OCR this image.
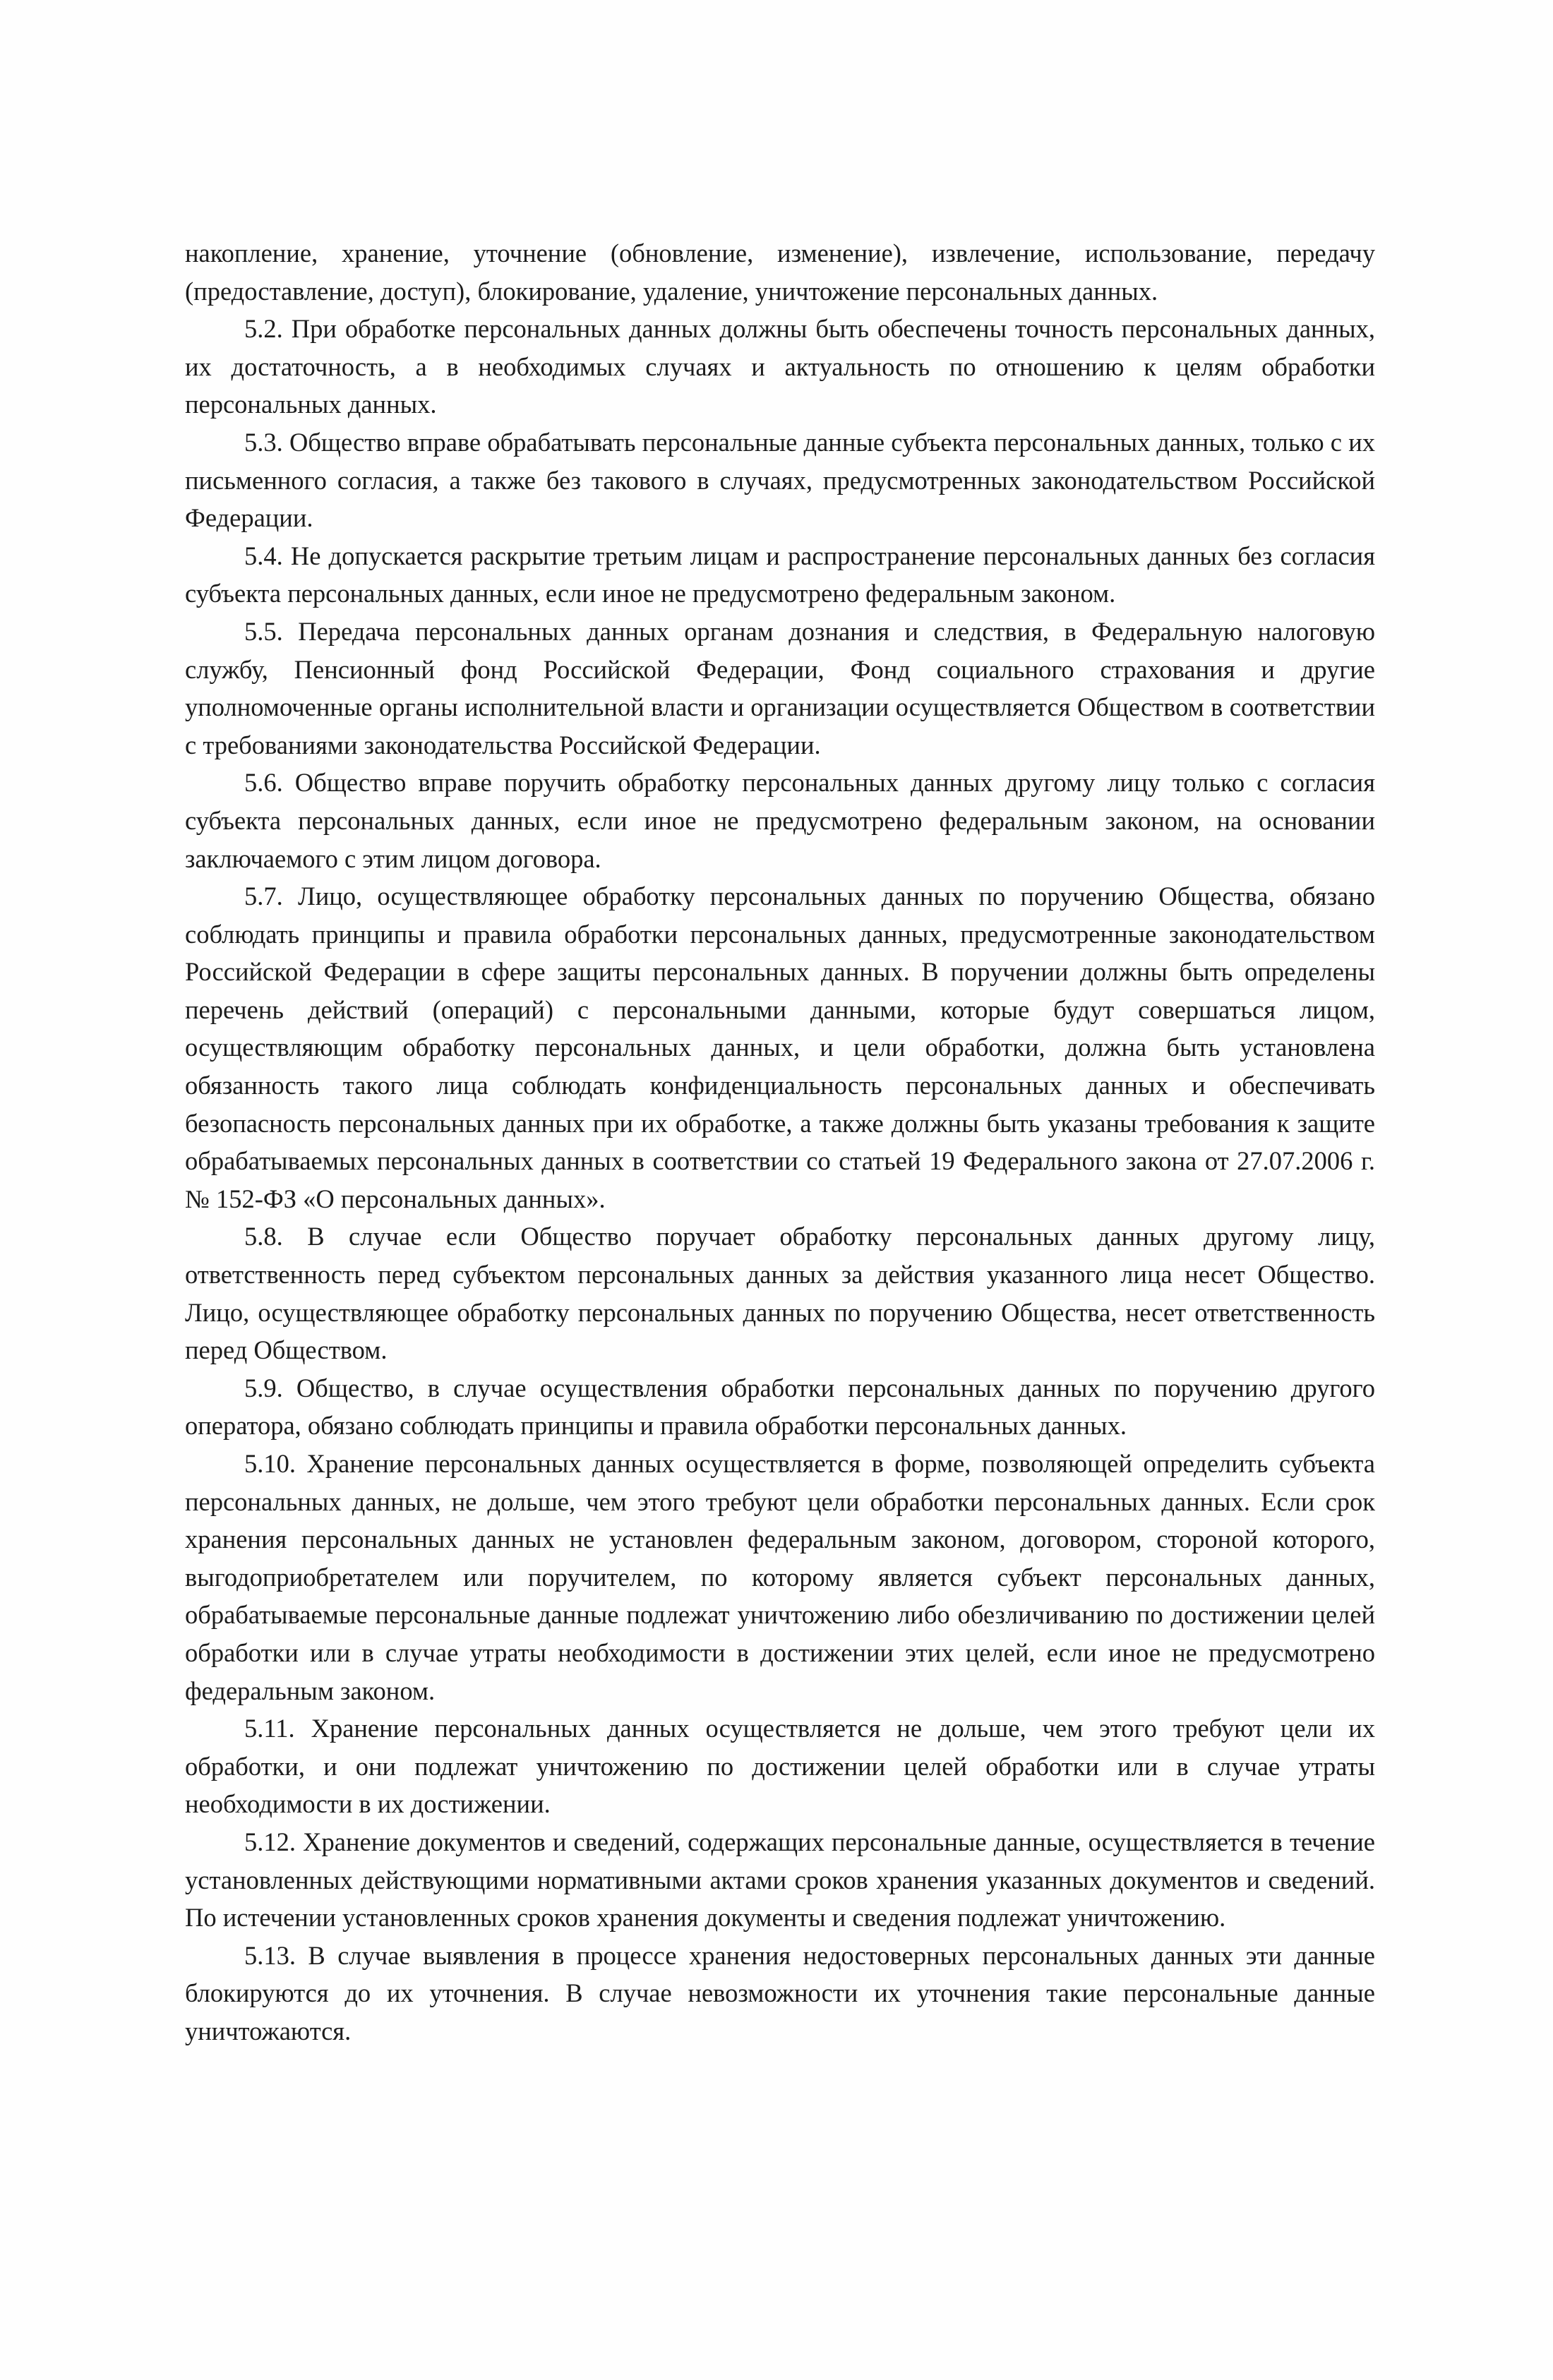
накопление, хранение, уточнение (обновление, изменение), извлечение, использование, передачу (предоставление, доступ), блокирование, удаление, уничтожение персональных данных.

5.2. При обработке персональных данных должны быть обеспечены точность персональных данных, их достаточность, а в необходимых случаях и актуальность по отношению к целям обработки персональных данных.

5.3. Общество вправе обрабатывать персональные данные субъекта персональных данных, только с их письменного согласия, а также без такового в случаях, предусмотренных законодательством Российской Федерации.

5.4. Не допускается раскрытие третьим лицам и распространение персональных данных без согласия субъекта персональных данных, если иное не предусмотрено федеральным законом.

5.5. Передача персональных данных органам дознания и следствия, в Федеральную налоговую службу, Пенсионный фонд Российской Федерации, Фонд социального страхования и другие уполномоченные органы исполнительной власти и организации осуществляется Обществом в соответствии с требованиями законодательства Российской Федерации.

5.6. Общество вправе поручить обработку персональных данных другому лицу только с согласия субъекта персональных данных, если иное не предусмотрено федеральным законом, на основании заключаемого с этим лицом договора.

5.7. Лицо, осуществляющее обработку персональных данных по поручению Общества, обязано соблюдать принципы и правила обработки персональных данных, предусмотренные законодательством Российской Федерации в сфере защиты персональных данных. В поручении должны быть определены перечень действий (операций) с персональными данными, которые будут совершаться лицом, осуществляющим обработку персональных данных, и цели обработки, должна быть установлена обязанность такого лица соблюдать конфиденциальность персональных данных и обеспечивать безопасность персональных данных при их обработке, а также должны быть указаны требования к защите обрабатываемых персональных данных в соответствии со статьей 19 Федерального закона от 27.07.2006 г. № 152-ФЗ «О персональных данных».

5.8. В случае если Общество поручает обработку персональных данных другому лицу, ответственность перед субъектом персональных данных за действия указанного лица несет Общество. Лицо, осуществляющее обработку персональных данных по поручению Общества, несет ответственность перед Обществом.

5.9. Общество, в случае осуществления обработки персональных данных по поручению другого оператора, обязано соблюдать принципы и правила обработки персональных данных.

5.10. Хранение персональных данных осуществляется в форме, позволяющей определить субъекта персональных данных, не дольше, чем этого требуют цели обработки персональных данных. Если срок хранения персональных данных не установлен федеральным законом, договором, стороной которого, выгодоприобретателем или поручителем, по которому является субъект персональных данных, обрабатываемые персональные данные подлежат уничтожению либо обезличиванию по достижении целей обработки или в случае утраты необходимости в достижении этих целей, если иное не предусмотрено федеральным законом.

5.11. Хранение персональных данных осуществляется не дольше, чем этого требуют цели их обработки, и они подлежат уничтожению по достижении целей обработки или в случае утраты необходимости в их достижении.

5.12. Хранение документов и сведений, содержащих персональные данные, осуществляется в течение установленных действующими нормативными актами сроков хранения указанных документов и сведений. По истечении установленных сроков хранения документы и сведения подлежат уничтожению.

5.13. В случае выявления в процессе хранения недостоверных персональных данных эти данные блокируются до их уточнения. В случае невозможности их уточнения такие персональные данные уничтожаются.
